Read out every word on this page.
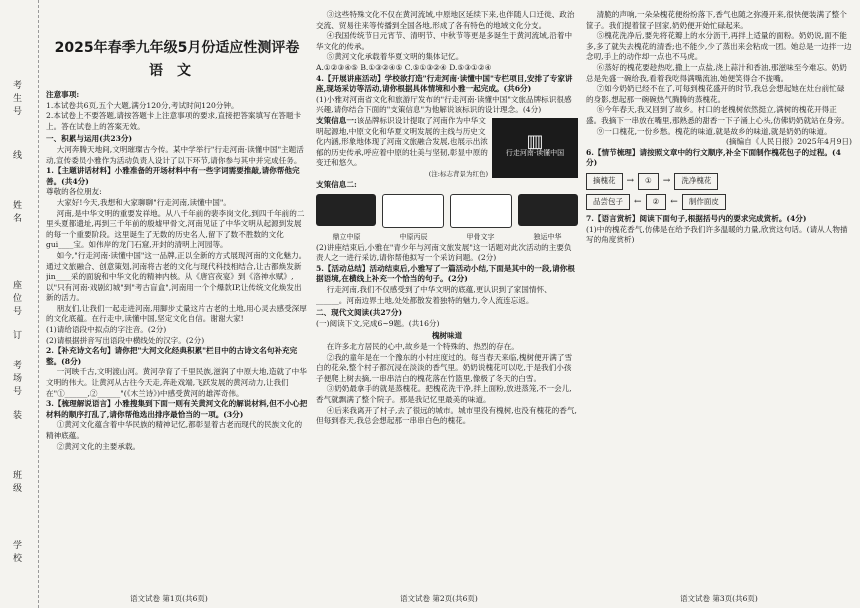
考生号
线
姓名
座位号
订
考场号
装
班级
学校
2025年春季九年级5月份适应性测评卷
语文
注意事项:

1.本试卷共6页,五个大题,满分120分,考试时间120分钟。

2.本试卷上不要答题,请按答题卡上注意事项的要求,直接把答案填写在答题卡上。答在试卷上的答案无效。

一、积累与运用(共23分)

大河奔腾天地间,文明璀璨古今传。某中学举行"行走河南·读懂中国"主题活动,宣传委员小雅作为活动负责人设计了以下环节,请你参与其中并完成任务。

1.【主题讲话材料】小雅准备的开场材料中有一些字词需要推敲,请你帮他完善。(共4分)

尊敬的各位朋友:

大家好!今天,我想和大家聊聊"行走河南,读懂中国"。

河南,是中华文明的重要发祥地。从八千年前的裴李岗文化,到四千年前的二里头夏都遗址,再到三千年前的殷墟甲骨文,河南见证了中华文明从起源到发展的每一个重要阶段。这里诞生了无数的历史名人,留下了数不胜数的文化gui____宝。如伟岸的龙门石窟,开封的清明上河园等。

如今,"行走河南·读懂中国"这一品牌,正以全新的方式展现河南的文化魅力。通过文旅融合、创意策划,河南将古老的文化与现代科技相结合,让古都焕发新jin____采的面貌和中华文化的精神内核。从《唐宫夜宴》到《洛神水赋》,以"只有河南·戏剧幻城"到"考古盲盒",河南用一个个爆款IP,让传统文化焕发出新的活力。

朋友们,让我们一起走进河南,用脚步丈量这片古老的土地,用心灵去感受深厚的文化底蕴。在行走中,读懂中国,坚定文化自信。谢谢大家!

(1)请给语段中拟点的字注音。(2分)

(2)请根据拼音写出语段中横线处的汉字。(2分)

2.【补充诗文名句】请你把"大河文化经典积累"栏目中的古诗文名句补充完整。(8分)

一河映千古,文明渡山河。黄河孕育了千里民族,滋润了中原大地,造就了中华文明的伟大。让黄河从古往今天走,奔赴戏端,飞跃发展的黄河动力,让我们在"①______,②______"(《木兰诗》)中感受黄河的雄浑奇伟。

3.【梳理解说语言】小雅搜集到下面一则有关黄河文化的解说材料,但不小心把材料的顺序打乱了,请你帮他选出排序最恰当的一项。(3分)

①黄河文化蕴含着中华民族的精神记忆,都彰显着古老而现代的民族文化的精神底蕴。

②黄河文化的主要承载。

语文试卷 第1页(共6页)

③这些特殊文化不仅在黄河流域,中原地区延续下来,也伴随人口迁徙、政治交流、贸易往来等传播到全国各地,形成了各有特色的地域文化分支。

④我国传统节日元宵节、清明节、中秋节等更是多诞生于黄河流域,沿着中华文化的传承。

⑤黄河文化承载着华夏文明的集体记忆。

A.①②③④⑤ B.①③②④⑤ C.⑤①③②④ D.⑤③①②④

4.【开展讲座活动】学校欲打造"行走河南·读懂中国"专栏项目,安排了专家讲座,现场采访等活动,请你根据具体情境和小雅一起完成。(共6分)

(1)小雅对河南省文化和旅游厅发布的"行走河南·读懂中国"文旅品牌标识很感兴趣,请你结合下面的"支策信息"为他解说该标识的设计理念。(4分)

▥
行走河南·读懂中国

支策信息一:该品牌标识设计提取了河南作为中华文明起源地,中原文化和华夏文明发展的主线与历史文化内涵,形象地体现了河南文旅融合发展,也展示出浓郁的历史传承,呼应着中原的壮美与坚韧,彰显中原的变迁和悠久。

(注:标志背景为红色)

支策信息二:

鼎立中原	中原丙辰	甲骨文字	独运中华

(2)讲座结束后,小雅在"青少年与河南文旅发展"这一话题对此次活动的主要负责人之一进行采访,请你帮他拟写一个采访问题。(2分)

5.【活动总结】活动结束后,小雅写了一篇活动小结,下面是其中的一段,请你根据语境,在横线上补充一个恰当的句子。(2分)

行走河南,我们不仅感受到了中华文明的底蕴,更认识到了家国情怀、______。河南边界土地,处处都散发着独特的魅力,令人流连忘返。

二、现代文阅读(共27分)

(一)阅读下文,完成6~9题。(共16分)

槐树味道

在许多北方居民的心中,故乡是一个特殊的、热烈的存在。

②我的童年是在一个豫东的小村庄度过的。每当春天来临,槐树便开满了雪白的花朵,整个村子都沉浸在淡淡的香气里。奶奶说槐花可以吃,于是我们小孩子便爬上树去摘,一串串洁白的槐花落在竹篮里,像极了冬天的白雪。

③奶奶最拿手的就是蒸槐花。把槐花洗干净,拌上面粉,放进蒸笼,不一会儿,香气就飘满了整个院子。那是我记忆里最美的味道。

④后来我离开了村子,去了很远的城市。城市里没有槐树,也没有槐花的香气,但每到春天,我总会想起那一串串白色的槐花。

语文试卷 第2页(共6页)

清脆的声响,一朵朵槐花便纷纷落下,香气也随之弥漫开来,很快便装满了整个筐子。我们提着筐子回家,奶奶便开始忙碌起来。

⑤槐花洗净后,要先将花瓣上的水分沥干,再拌上适量的面粉。奶奶说,面不能多,多了就失去槐花的清香;也不能少,少了蒸出来会粘成一团。她总是一边拌一边念叨,手上的动作却一点也不马虎。

⑥蒸好的槐花要趁热吃,撒上一点盐,浇上蒜汁和香油,那滋味至今难忘。奶奶总是先盛一碗给我,看着我吃得满嘴流油,她便笑得合不拢嘴。

⑦如今奶奶已经不在了,可每到槐花盛开的时节,我总会想起她在灶台前忙碌的身影,想起那一碗碗热气腾腾的蒸槐花。

⑧今年春天,我又回到了故乡。村口的老槐树依然挺立,满树的槐花开得正盛。我摘下一串放在嘴里,那熟悉的甜香一下子涌上心头,仿佛奶奶就站在身旁。

⑨一口槐花,一份乡愁。槐花的味道,就是故乡的味道,就是奶奶的味道。

(摘编自《人民日报》2025年4月9日)

6.【情节梳理】请按照文章中的行文顺序,补全下面制作槐花包子的过程。(4分)

摘槐花	→	①	→	洗净槐花
品尝包子	←	②	←	制作面皮

7.【语言赏析】阅读下面句子,根据括号内的要求完成赏析。(4分)

(1)中的槐花香气,仿佛是在给予我们许多温暖的力量,欣赏这句话。(请从人物描写的角度赏析)

语文试卷 第3页(共6页)
